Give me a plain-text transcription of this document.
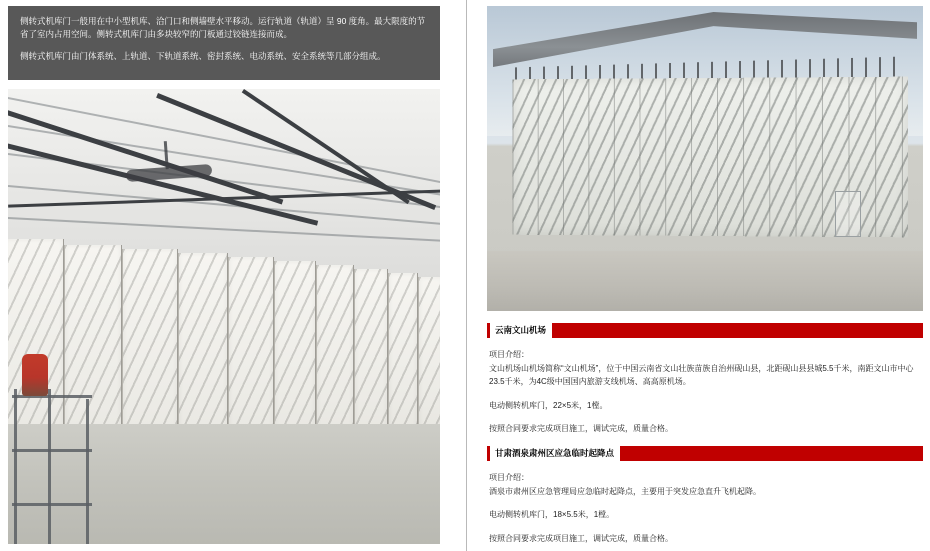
侧转式机库门一般用在中小型机库、洽门口和侧墙壁水平移动。运行轨道（轨道）呈 90 度角。最大限度的节省了室内占用空间。侧转式机库门由多块较窄的门板通过铰链连接而成。

侧转式机库门由门体系统、上轨道、下轨道系统、密封系统、电动系统、安全系统等几部分组成。

云南文山机场

项目介绍：

文山机场山机场简称“文山机场”，位于中国云南省文山壮族苗族自治州砚山县，北距砚山县县城5.5千米，南距文山市中心23.5千米，为4C级中国国内旅游支线机场、高高原机场。

电动侧转机库门，22×5米，1樘。

按照合同要求完成项目施工，调试完成，质量合格。

甘肃酒泉肃州区应急临时起降点

项目介绍：

酒泉市肃州区应急管理局应急临时起降点，主要用于突发应急直升飞机起降。

电动侧转机库门，18×5.5米，1樘。

按照合同要求完成项目施工，调试完成，质量合格。
